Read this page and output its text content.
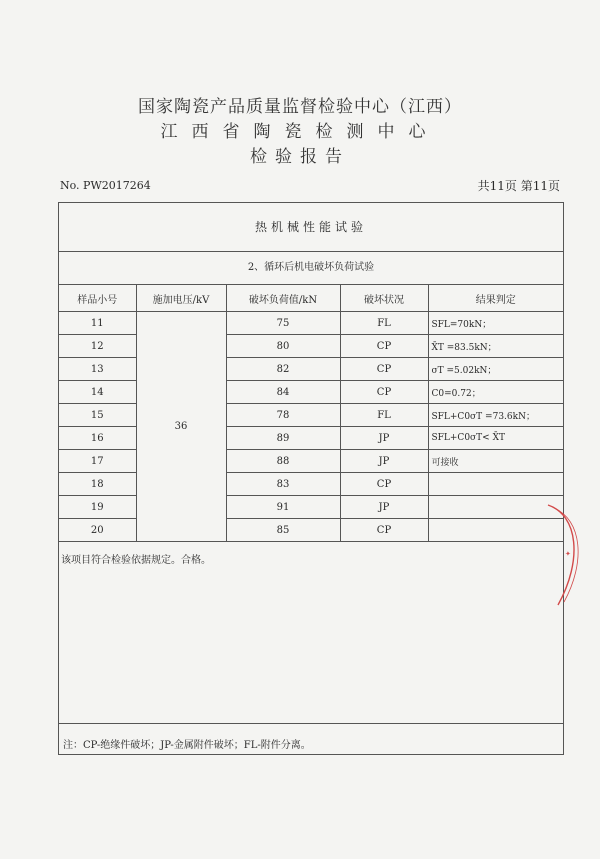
国家陶瓷产品质量监督检验中心（江西）
江西省陶瓷检测中心
检验报告
No. PW2017264	共11页 第11页
热机械性能试验
2、循环后机电破坏负荷试验
样品小号	施加电压/kV	破坏负荷值/kN	破坏状况	结果判定
11	36	75	FL	SFL=70kN；
12		80	CP	X̄T =83.5kN；
13		82	CP	σT =5.02kN；
14		84	CP	C0=0.72；
15		78	FL	SFL+C0σT =73.6kN；
16		89	JP	SFL+C0σT< X̄T
17		88	JP	可接收
18		83	CP	
19		91	JP	
20		85	CP	
该项目符合检验依据规定。合格。
注：CP-绝缘件破坏；JP-金属附件破坏；FL-附件分离。
✦
